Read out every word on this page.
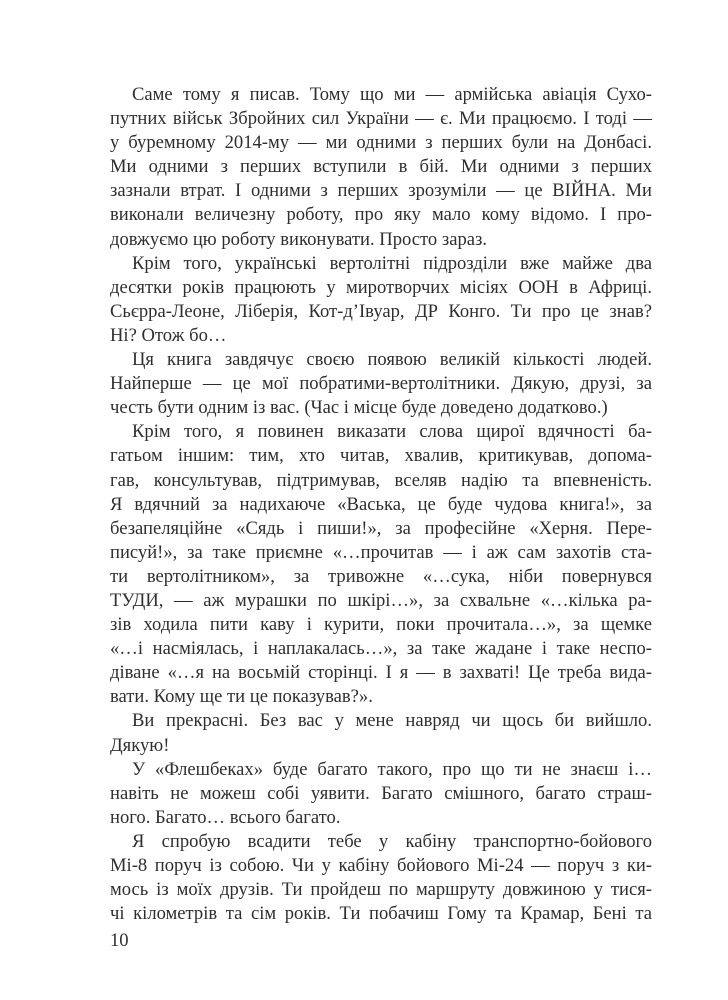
Саме тому я писав. Тому що ми — армійська авіація Сухо-
путних військ Збройних сил України — є. Ми працюємо. І тоді —
у буремному 2014-му — ми одними з перших були на Донбасі.
Ми одними з перших вступили в бій. Ми одними з перших
зазнали втрат. І одними з перших зрозуміли — це ВІЙНА. Ми
виконали величезну роботу, про яку мало кому відомо. І про-
довжуємо цю роботу виконувати. Просто зараз.
Крім того, українські вертолітні підрозділи вже майже два
десятки років працюють у миротворчих місіях ООН в Африці.
Сьєрра-Леоне, Ліберія, Кот-д’Івуар, ДР Конго. Ти про це знав?
Ні? Отож бо…
Ця книга завдячує своєю появою великій кількості людей.
Найперше — це мої побратими-вертолітники. Дякую, друзі, за
честь бути одним із вас. (Час і місце буде доведено додатково.)
Крім того, я повинен виказати слова щирої вдячності ба-
гатьом іншим: тим, хто читав, хвалив, критикував, допома-
гав, консультував, підтримував, вселяв надію та впевненість.
Я вдячний за надихаюче «Васька, це буде чудова книга!», за
безапеляційне «Сядь і пиши!», за професійне «Херня. Пере-
писуй!», за таке приємне «…прочитав — і аж сам захотів ста-
ти вертолітником», за тривожне «…сука, ніби повернувся
ТУДИ, — аж мурашки по шкірі…», за схвальне «…кілька ра-
зів ходила пити каву і курити, поки прочитала…», за щемке
«…і насміялась, і наплакалась…», за таке жадане і таке неспо-
діване «…я на восьмій сторінці. І я — в захваті! Це треба вида-
вати. Кому ще ти це показував?».
Ви прекрасні. Без вас у мене навряд чи щось би вийшло.
Дякую!
У «Флешбеках» буде багато такого, про що ти не знаєш і…
навіть не можеш собі уявити. Багато смішного, багато страш-
ного. Багато… всього багато.
Я спробую всадити тебе у кабіну транспортно-бойового
Мі-8 поруч із собою. Чи у кабіну бойового Мі-24 — поруч з ки-
мось із моїх друзів. Ти пройдеш по маршруту довжиною у тися-
чі кілометрів та сім років. Ти побачиш Гому та Крамар, Бені та
10
